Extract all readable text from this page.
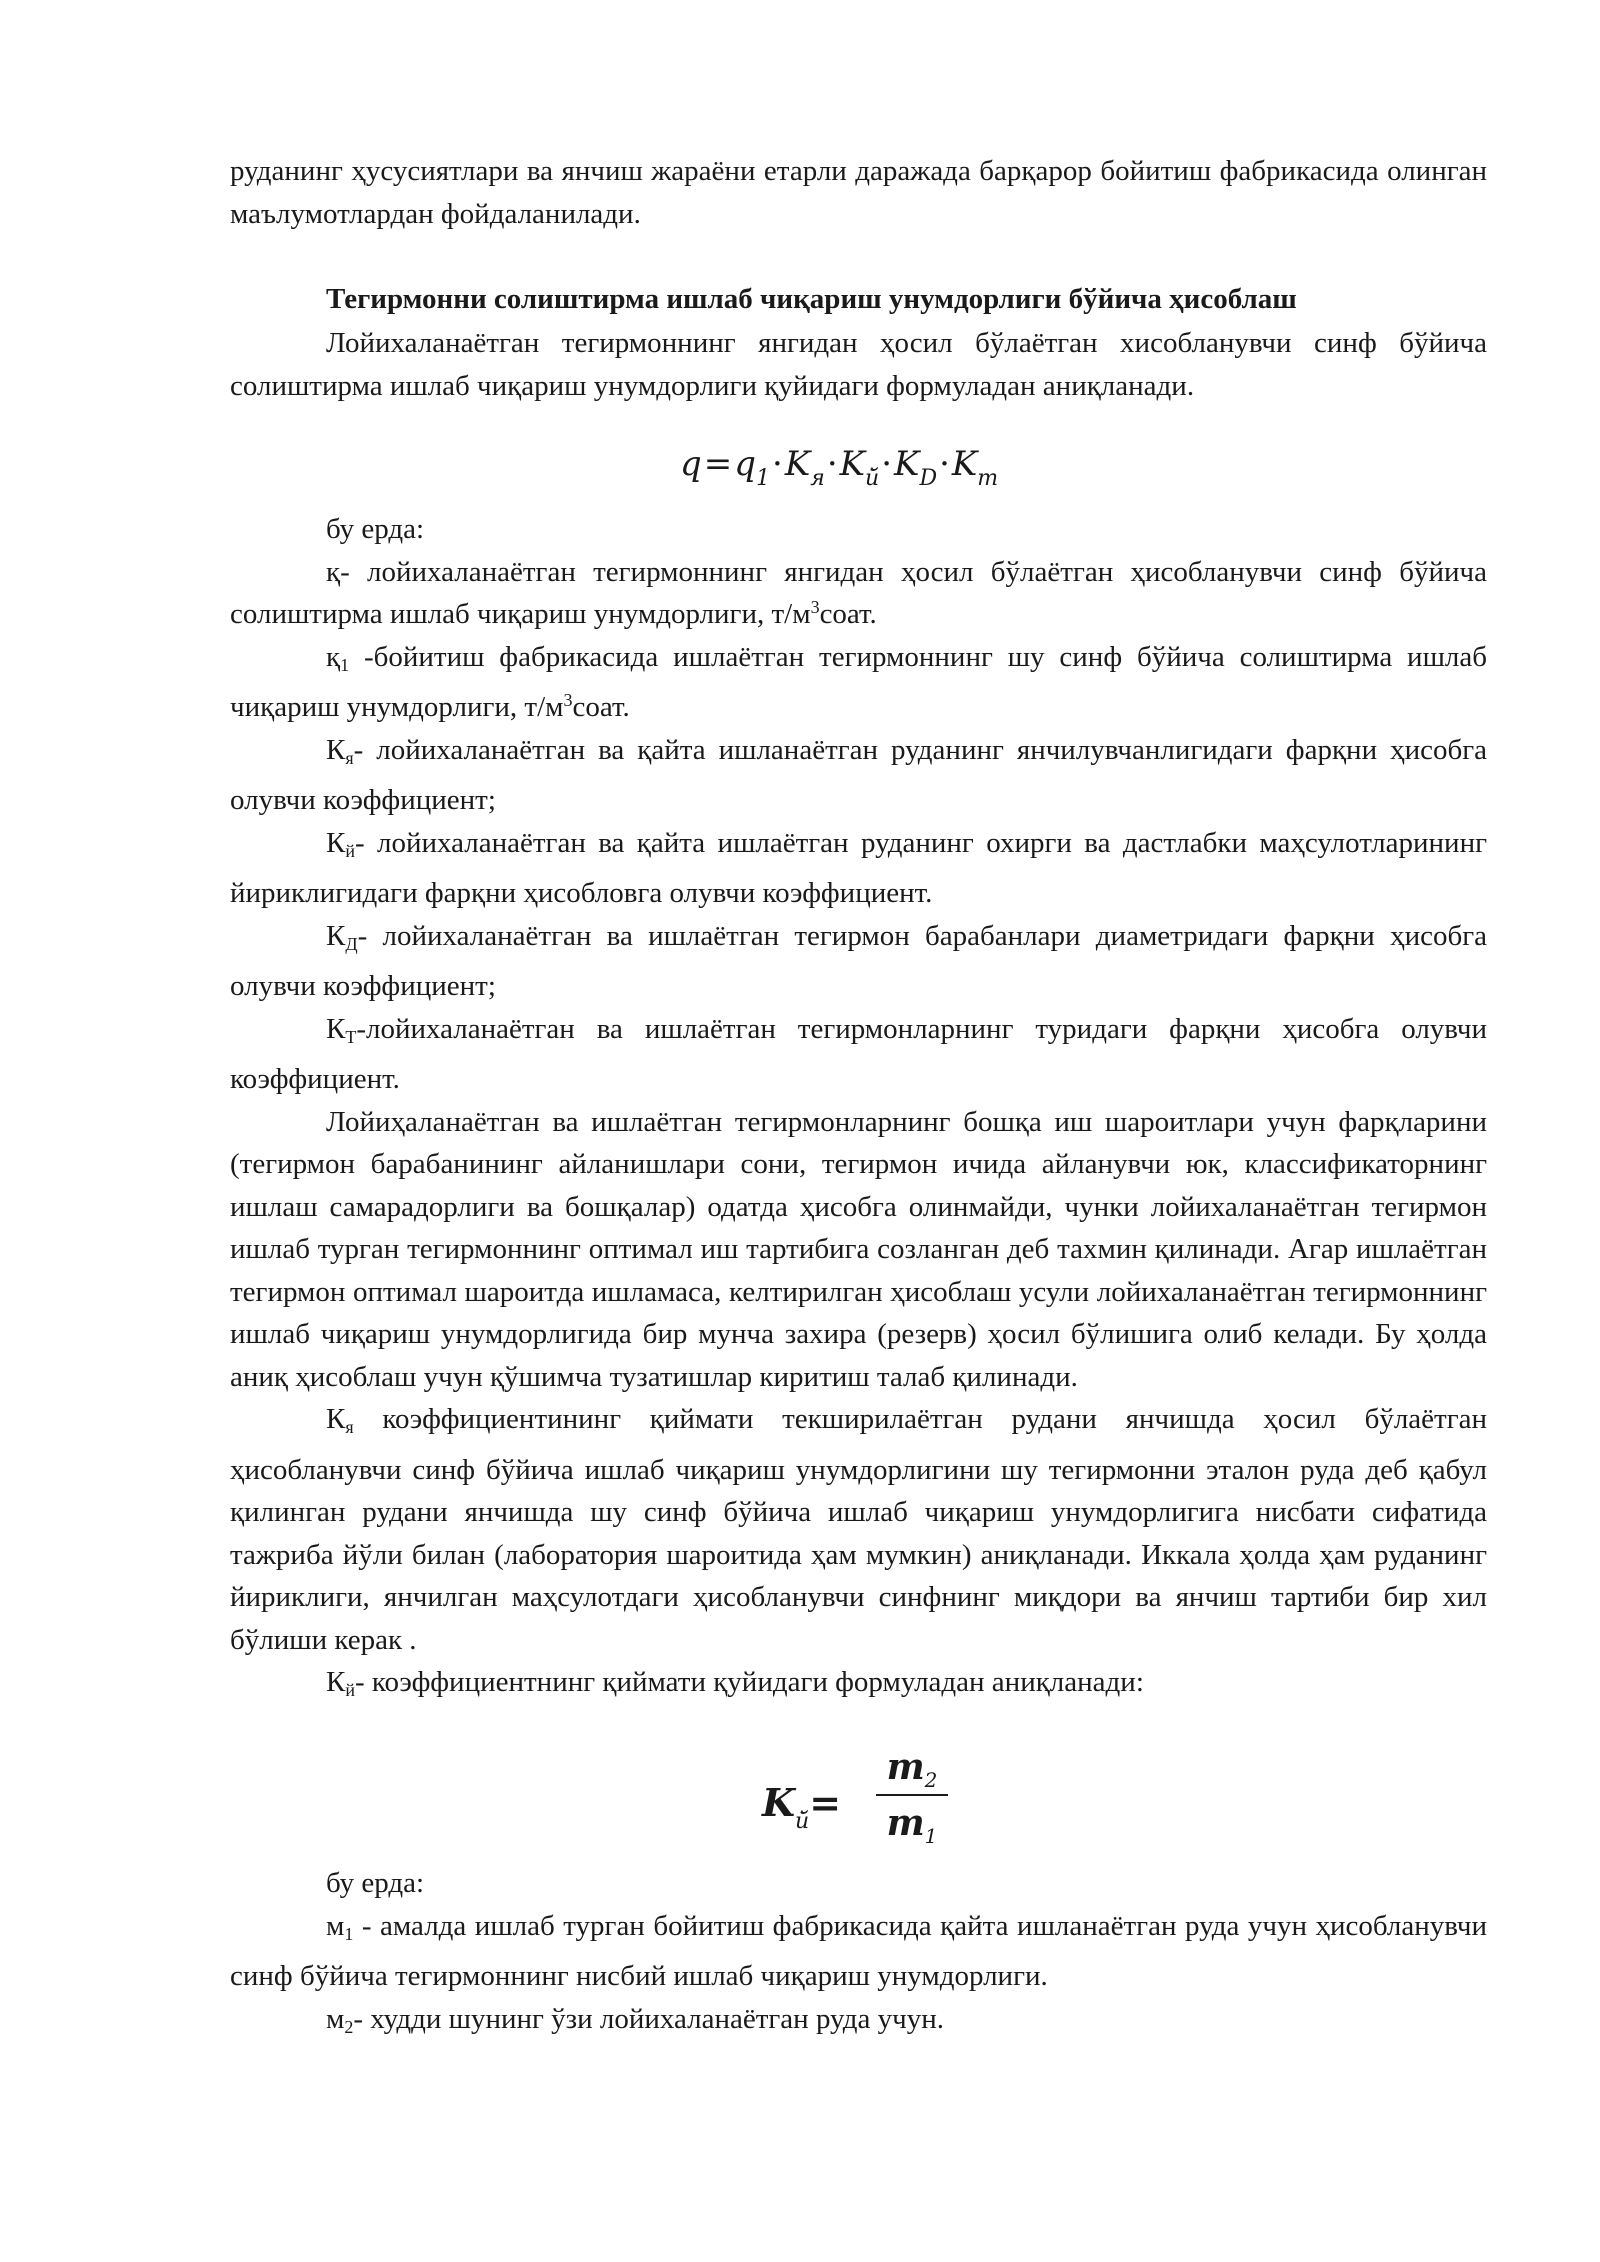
руданинг ҳусусиятлари ва янчиш жараёни етарли даражада барқарор бойитиш фабрикасида олинган маълумотлардан фойдаланилади.

Тегирмонни солиштирма ишлаб чиқариш унумдорлиги бўйича ҳисоблаш

Лойихаланаётган тегирмоннинг янгидан ҳосил бўлаётган хисобланувчи синф бўйича солиштирма ишлаб чиқариш унумдорлиги қуйидаги формуладан аниқланади.

$q=q_1\cdot K_я\cdot K_{й̆}\cdot K_D\cdot K_m$

бу ерда:

қ- лойихаланаётган тегирмоннинг янгидан ҳосил бўлаётган ҳисобланувчи синф бўйича солиштирма ишлаб чиқариш унумдорлиги, $т/м^3соат$.

қ1 -бойитиш фабрикасида ишлаётган тегирмоннинг шу синф бўйича солиштирма ишлаб чиқариш унумдорлиги, $т/м^3соат$.

Кя- лойихаланаётган ва қайта ишланаётган руданинг янчилувчанлигидаги фарқни ҳисобга олувчи коэффициент;

Кй- лойихаланаётган ва қайта ишлаётган руданинг охирги ва дастлабки маҳсулотларининг йириклигидаги фарқни ҳисобловга олувчи коэффициент.

КД- лойихаланаётган ва ишлаётган тегирмон барабанлари диаметридаги фарқни ҳисобга олувчи коэффициент;

КТ-лойихаланаётган ва ишлаётган тегирмонларнинг туридаги фарқни ҳисобга олувчи коэффициент.

Лойиҳаланаётган ва ишлаётган тегирмонларнинг бошқа иш шароитлари учун фарқларини (тегирмон барабанининг айланишлари сони, тегирмон ичида айланувчи юк, классификаторнинг ишлаш самарадорлиги ва бошқалар) одатда ҳисобга олинмайди, чунки лойихаланаётган тегирмон ишлаб турган тегирмоннинг оптимал иш тартибига созланган деб тахмин қилинади. Агар ишлаётган тегирмон оптимал шароитда ишламаса, келтирилган ҳисоблаш усули лойихаланаётган тегирмоннинг ишлаб чиқариш унумдорлигида бир мунча захира (резерв) ҳосил бўлишига олиб келади. Бу ҳолда аниқ ҳисоблаш учун қўшимча тузатишлар киритиш талаб қилинади.

Кя коэффициентининг қиймати текширилаётган рудани янчишда ҳосил бўлаётган ҳисобланувчи синф бўйича ишлаб чиқариш унумдорлигини шу тегирмонни эталон руда деб қабул қилинган рудани янчишда шу синф бўйича ишлаб чиқариш унумдорлигига нисбати сифатида тажриба йўли билан (лаборатория шароитида ҳам мумкин) аниқланади. Иккала ҳолда ҳам руданинг йириклиги, янчилган маҳсулотдаги ҳисобланувчи синфнинг миқдори ва янчиш тартиби бир хил бўлиши керак .

Кй- коэффициентнинг қиймати қуйидаги формуладан аниқланади:

$K_{й̆}=$
$m_2$
$m_1$

бу ерда:

м1 - амалда ишлаб турган бойитиш фабрикасида қайта ишланаётган руда учун ҳисобланувчи синф бўйича тегирмоннинг нисбий ишлаб чиқариш унумдорлиги.

м2- худди шунинг ўзи лойихаланаётган руда учун.
